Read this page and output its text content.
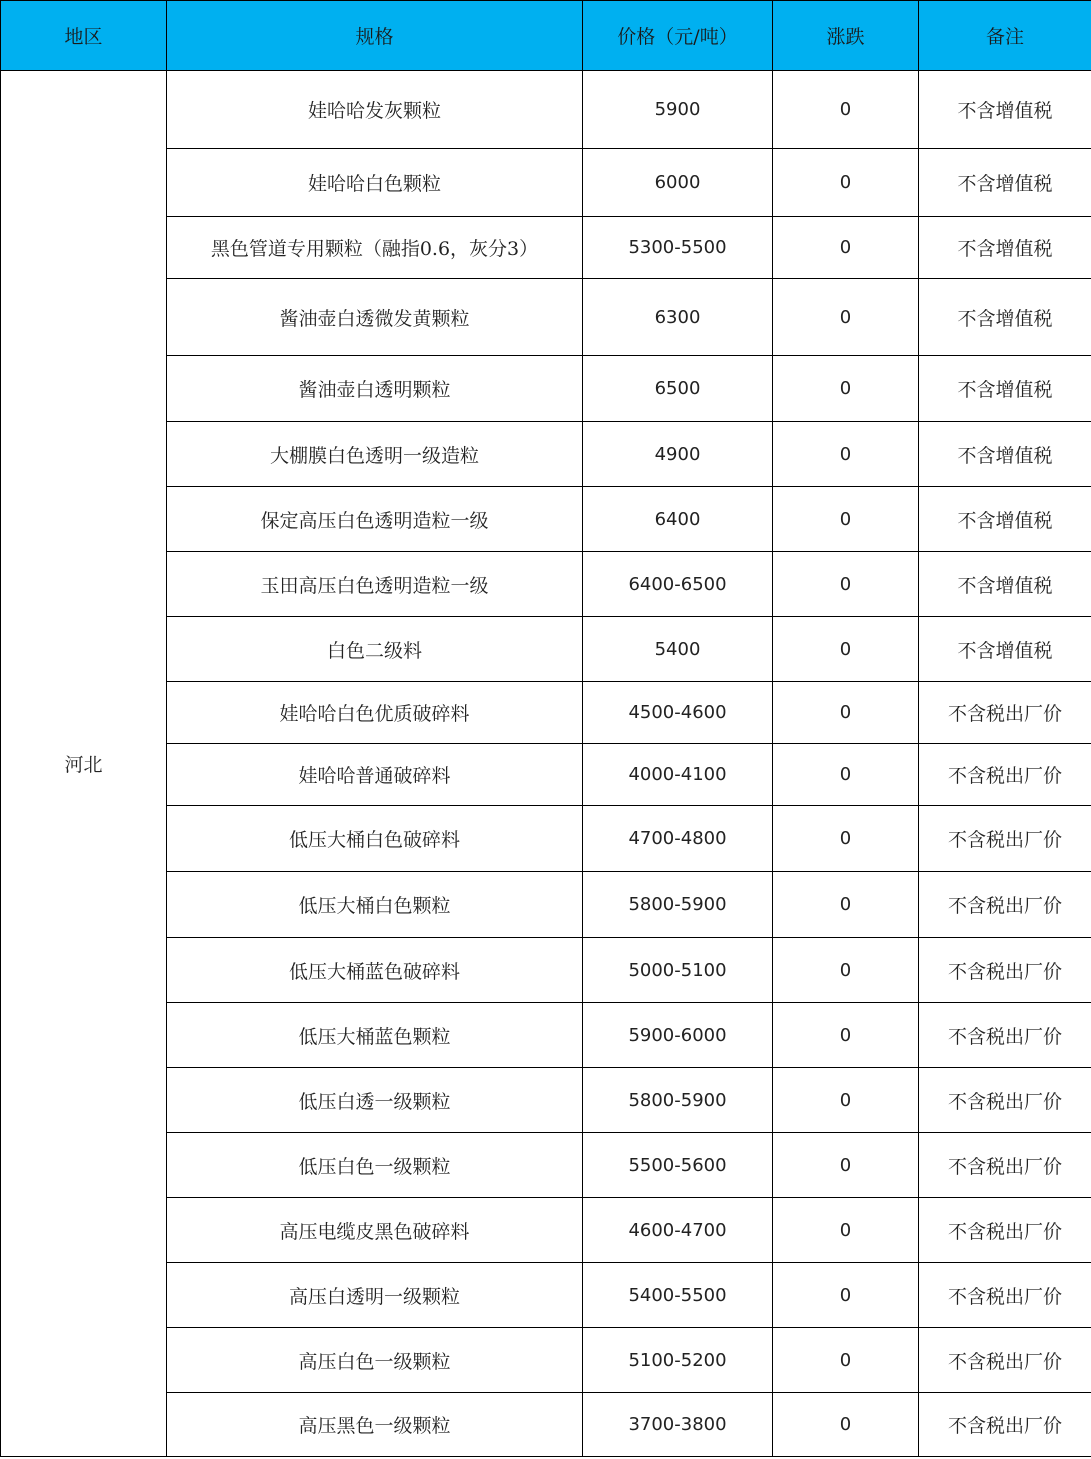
地区	规格	价格（元/吨）	涨跌	备注
河北	娃哈哈发灰颗粒	5900	0	不含增值税
	娃哈哈白色颗粒	6000	0	不含增值税
	黑色管道专用颗粒（融指0.6，灰分3）	5300-5500	0	不含增值税
	酱油壶白透微发黄颗粒	6300	0	不含增值税
	酱油壶白透明颗粒	6500	0	不含增值税
	大棚膜白色透明一级造粒	4900	0	不含增值税
	保定高压白色透明造粒一级	6400	0	不含增值税
	玉田高压白色透明造粒一级	6400-6500	0	不含增值税
	白色二级料	5400	0	不含增值税
	娃哈哈白色优质破碎料	4500-4600	0	不含税出厂价
	娃哈哈普通破碎料	4000-4100	0	不含税出厂价
	低压大桶白色破碎料	4700-4800	0	不含税出厂价
	低压大桶白色颗粒	5800-5900	0	不含税出厂价
	低压大桶蓝色破碎料	5000-5100	0	不含税出厂价
	低压大桶蓝色颗粒	5900-6000	0	不含税出厂价
	低压白透一级颗粒	5800-5900	0	不含税出厂价
	低压白色一级颗粒	5500-5600	0	不含税出厂价
	高压电缆皮黑色破碎料	4600-4700	0	不含税出厂价
	高压白透明一级颗粒	5400-5500	0	不含税出厂价
	高压白色一级颗粒	5100-5200	0	不含税出厂价
	高压黑色一级颗粒	3700-3800	0	不含税出厂价
